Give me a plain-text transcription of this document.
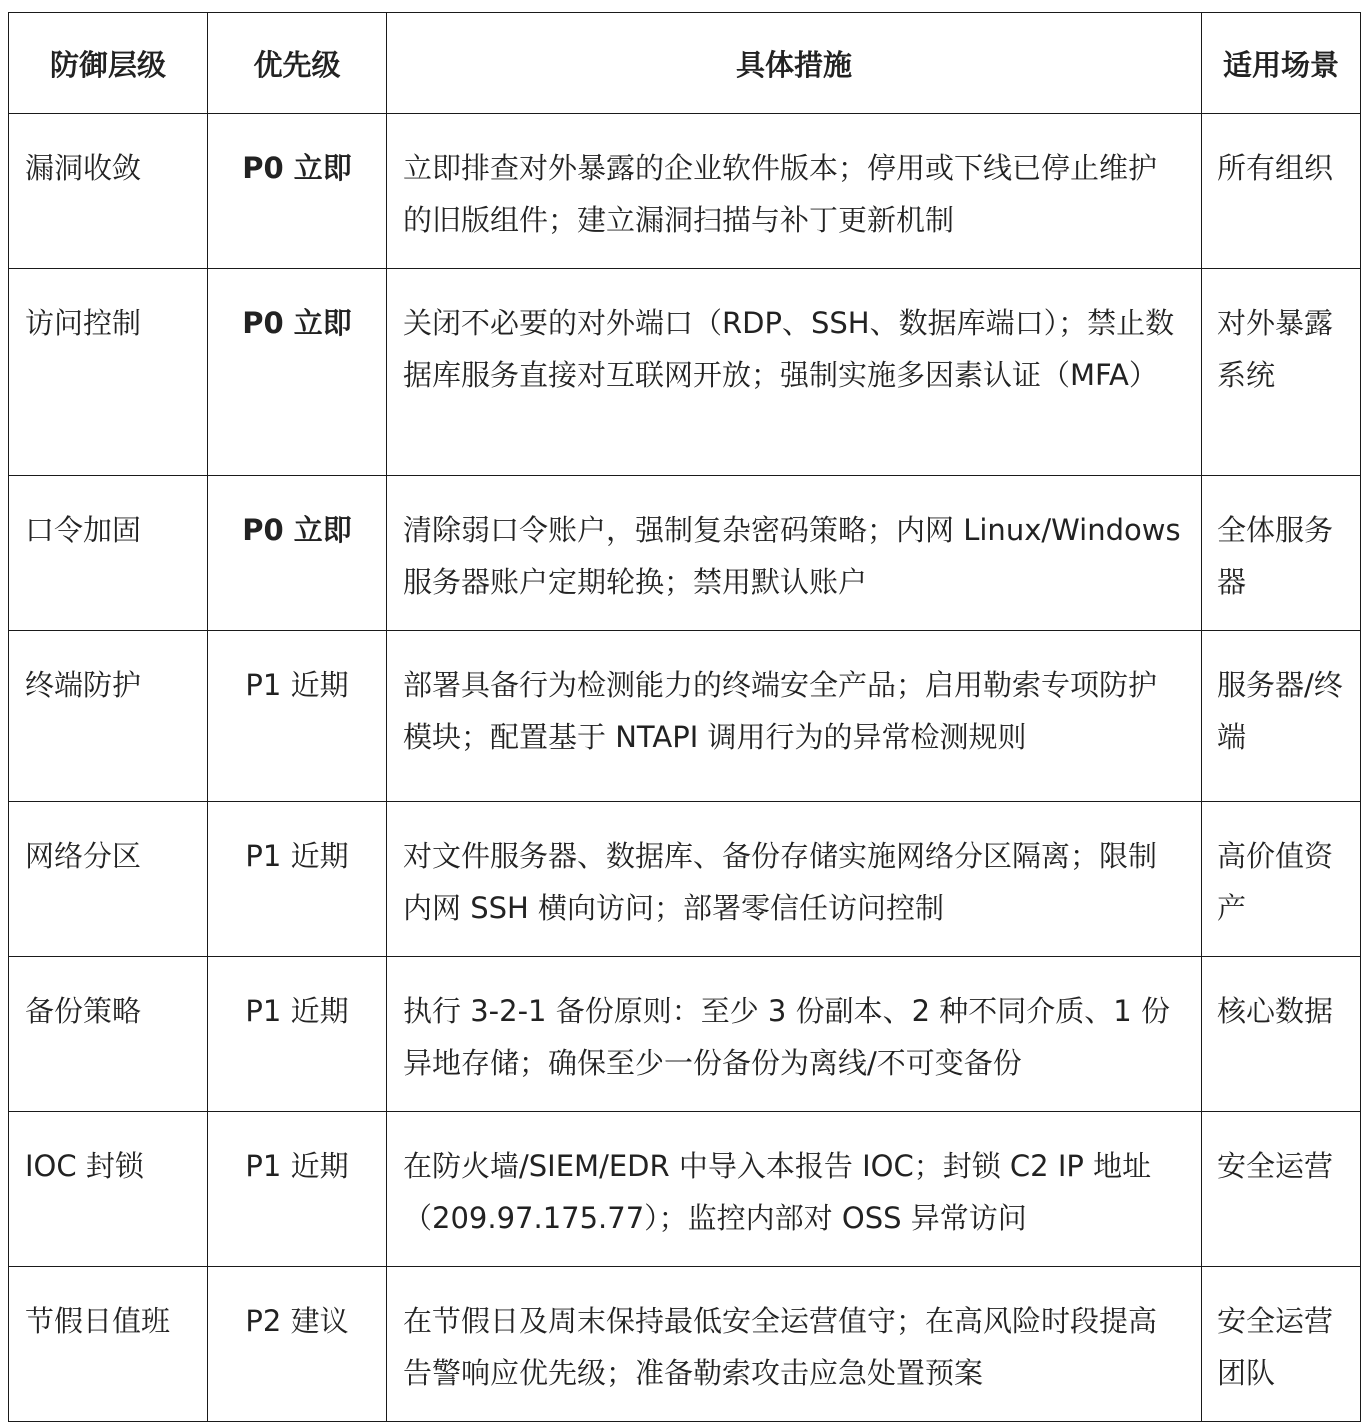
防御层级	优先级	具体措施	适用场景
漏洞收敛	P0 立即	立即排查对外暴露的企业软件版本；停用或下线已停止维护的旧版组件；建立漏洞扫描与补丁更新机制	所有组织
访问控制	P0 立即	关闭不必要的对外端口（RDP、SSH、数据库端口）；禁止数据库服务直接对互联网开放；强制实施多因素认证（MFA）	对外暴露系统
口令加固	P0 立即	清除弱口令账户，强制复杂密码策略；内网 Linux/Windows 服务器账户定期轮换；禁用默认账户	全体服务器
终端防护	P1 近期	部署具备行为检测能力的终端安全产品；启用勒索专项防护模块；配置基于 NTAPI 调用行为的异常检测规则	服务器/终端
网络分区	P1 近期	对文件服务器、数据库、备份存储实施网络分区隔离；限制内网 SSH 横向访问；部署零信任访问控制	高价值资产
备份策略	P1 近期	执行 3-2-1 备份原则：至少 3 份副本、2 种不同介质、1 份异地存储；确保至少一份备份为离线/不可变备份	核心数据
IOC 封锁	P1 近期	在防火墙/SIEM/EDR 中导入本报告 IOC；封锁 C2 IP 地址（209.97.175.77）；监控内部对 OSS 异常访问	安全运营
节假日值班	P2 建议	在节假日及周末保持最低安全运营值守；在高风险时段提高告警响应优先级；准备勒索攻击应急处置预案	安全运营团队
